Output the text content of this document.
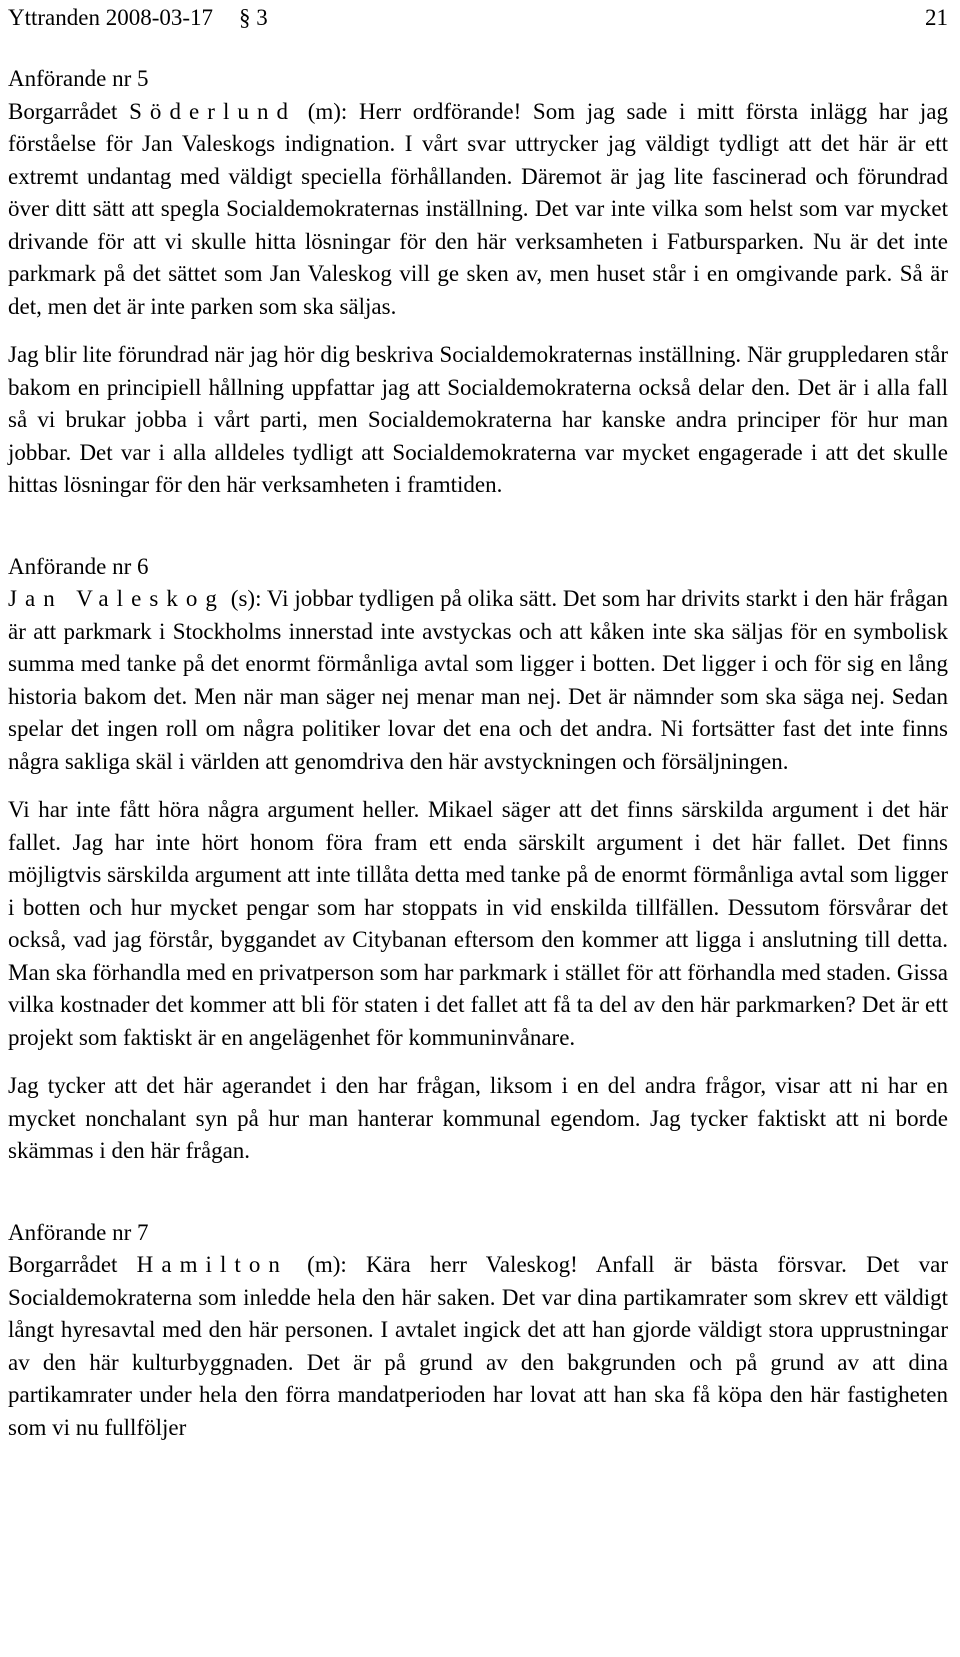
Yttranden 2008-03-17 § 3	21
Anförande nr 5

Borgarrådet Söderlund (m): Herr ordförande! Som jag sade i mitt första inlägg har jag förståelse för Jan Valeskogs indignation. I vårt svar uttrycker jag väldigt tydligt att det här är ett extremt undantag med väldigt speciella förhållanden. Däremot är jag lite fascinerad och förundrad över ditt sätt att spegla Socialdemokraternas inställning. Det var inte vilka som helst som var mycket drivande för att vi skulle hitta lösningar för den här verksamheten i Fatbursparken. Nu är det inte parkmark på det sättet som Jan Valeskog vill ge sken av, men huset står i en omgivande park. Så är det, men det är inte parken som ska säljas.

Jag blir lite förundrad när jag hör dig beskriva Socialdemokraternas inställning. När gruppledaren står bakom en principiell hållning uppfattar jag att Socialdemokraterna också delar den. Det är i alla fall så vi brukar jobba i vårt parti, men Socialdemokraterna har kanske andra principer för hur man jobbar. Det var i alla alldeles tydligt att Socialdemokraterna var mycket engagerade i att det skulle hittas lösningar för den här verksamheten i framtiden.

Anförande nr 6

Jan Valeskog (s): Vi jobbar tydligen på olika sätt. Det som har drivits starkt i den här frågan är att parkmark i Stockholms innerstad inte avstyckas och att kåken inte ska säljas för en symbolisk summa med tanke på det enormt förmånliga avtal som ligger i botten. Det ligger i och för sig en lång historia bakom det. Men när man säger nej menar man nej. Det är nämnder som ska säga nej. Sedan spelar det ingen roll om några politiker lovar det ena och det andra. Ni fortsätter fast det inte finns några sakliga skäl i världen att genomdriva den här avstyckningen och försäljningen.

Vi har inte fått höra några argument heller. Mikael säger att det finns särskilda argument i det här fallet. Jag har inte hört honom föra fram ett enda särskilt argument i det här fallet. Det finns möjligtvis särskilda argument att inte tillåta detta med tanke på de enormt förmånliga avtal som ligger i botten och hur mycket pengar som har stoppats in vid enskilda tillfällen. Dessutom försvårar det också, vad jag förstår, byggandet av Citybanan eftersom den kommer att ligga i anslutning till detta. Man ska förhandla med en privatperson som har parkmark i stället för att förhandla med staden. Gissa vilka kostnader det kommer att bli för staten i det fallet att få ta del av den här parkmarken? Det är ett projekt som faktiskt är en angelägenhet för kommuninvånare.

Jag tycker att det här agerandet i den har frågan, liksom i en del andra frågor, visar att ni har en mycket nonchalant syn på hur man hanterar kommunal egendom. Jag tycker faktiskt att ni borde skämmas i den här frågan.

Anförande nr 7

Borgarrådet Hamilton (m): Kära herr Valeskog! Anfall är bästa försvar. Det var Socialdemokraterna som inledde hela den här saken. Det var dina partikamrater som skrev ett väldigt långt hyresavtal med den här personen. I avtalet ingick det att han gjorde väldigt stora upprustningar av den här kulturbyggnaden. Det är på grund av den bakgrunden och på grund av att dina partikamrater under hela den förra mandatperioden har lovat att han ska få köpa den här fastigheten som vi nu fullföljer
